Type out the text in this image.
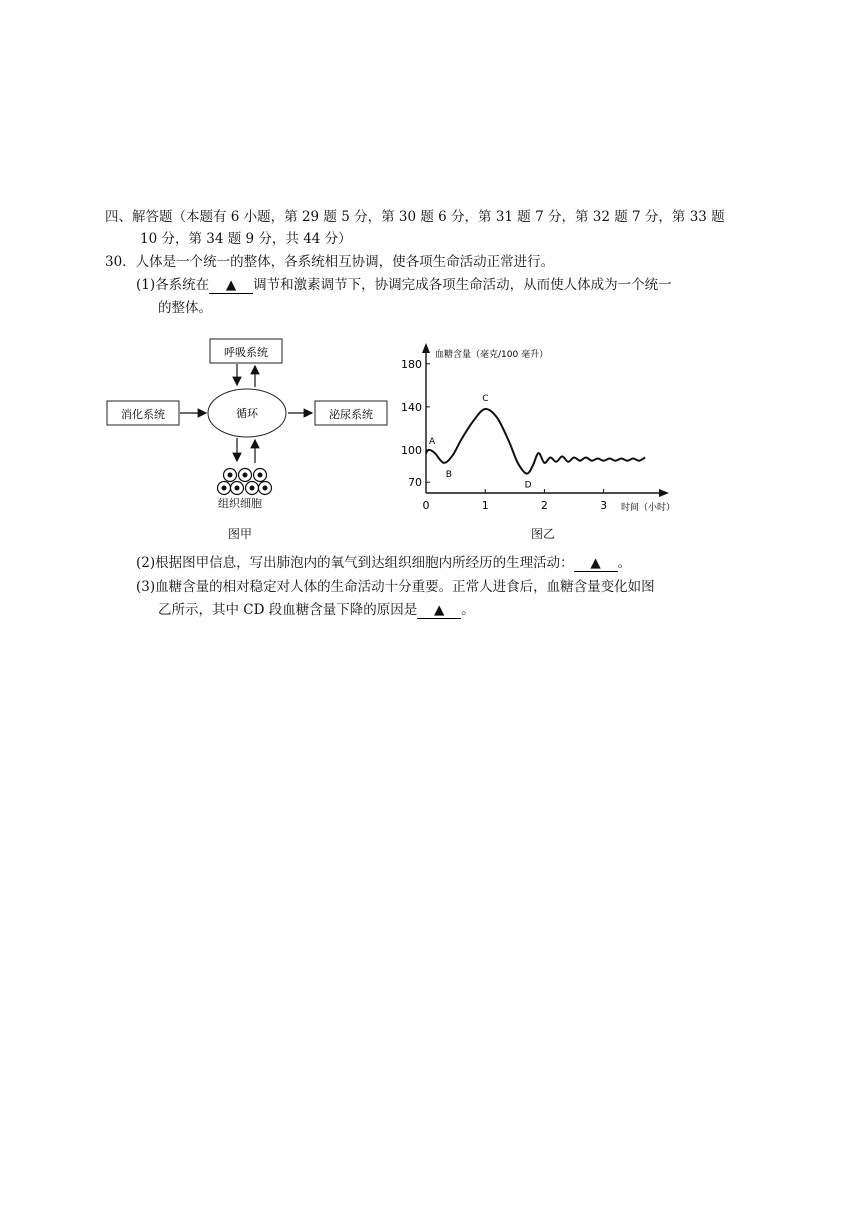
四、解答题（本题有 6 小题，第 29 题 5 分，第 30 题 6 分，第 31 题 7 分，第 32 题 7 分，第 33 题
10 分，第 34 题 9 分，共 44 分）
30．人体是一个统一的整体，各系统相互协调，使各项生命活动正常进行。
(1)各系统在 ▲ 调节和激素调节下，协调完成各项生命活动，从而使人体成为一个统一
的整体。
呼吸系统
消化系统	循环	泌尿系统
组织细胞
图甲
180
140
100
70
0	1	2	3
A
B
C
D
血糖含量（毫克/100 毫升）
时间（小时）
图乙
(2)根据图甲信息，写出肺泡内的氧气到达组织细胞内所经历的生理活动： ▲ 。
(3)血糖含量的相对稳定对人体的生命活动十分重要。正常人进食后，血糖含量变化如图
乙所示，其中 CD 段血糖含量下降的原因是 ▲ 。
